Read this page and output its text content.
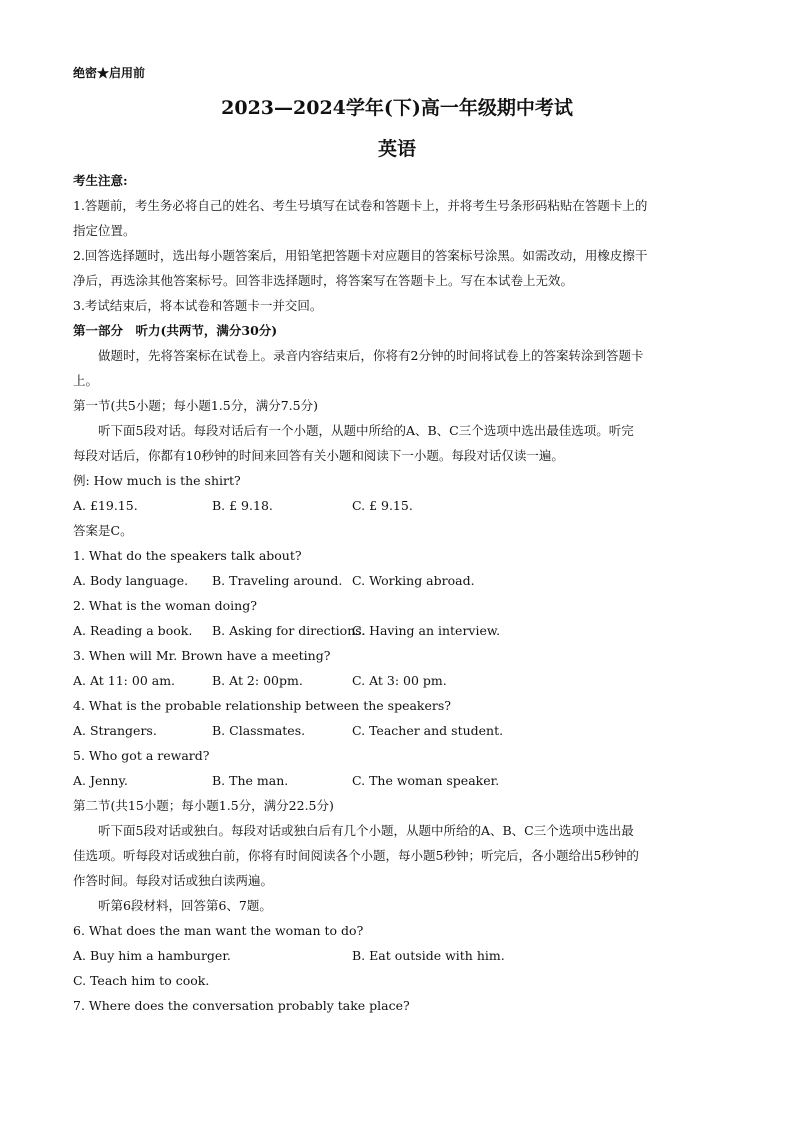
绝密★启用前
2023—2024学年(下)高一年级期中考试
英语
考生注意:
1.答题前，考生务必将自己的姓名、考生号填写在试卷和答题卡上，并将考生号条形码粘贴在答题卡上的
指定位置。
2.回答选择题时，选出每小题答案后，用铅笔把答题卡对应题目的答案标号涂黑。如需改动，用橡皮擦干
净后，再选涂其他答案标号。回答非选择题时，将答案写在答题卡上。写在本试卷上无效。
3.考试结束后，将本试卷和答题卡一并交回。
第一部分　听力(共两节，满分30分)
做题时，先将答案标在试卷上。录音内容结束后，你将有2分钟的时间将试卷上的答案转涂到答题卡
上。
第一节(共5小题；每小题1.5分，满分7.5分)
听下面5段对话。每段对话后有一个小题，从题中所给的A、B、C三个选项中选出最佳选项。听完
每段对话后，你都有10秒钟的时间来回答有关小题和阅读下一小题。每段对话仅读一遍。
例: How much is the shirt?
A. £19.15.	B. £ 9.18.	C. £ 9.15.
答案是C。
1. What do the speakers talk about?
A. Body language. B. Traveling around. C. Working abroad.
2. What is the woman doing?
A. Reading a book. B. Asking for directions.
C. Having an interview.
3. When will Mr. Brown have a meeting?
A. At 11: 00 am.	B. At 2: 00pm.	C. At 3: 00 pm.
4. What is the probable relationship between the speakers?
A. Strangers.	B. Classmates.	C. Teacher and student.
5. Who got a reward?
A. Jenny.	B. The man.	C. The woman speaker.
第二节(共15小题；每小题1.5分，满分22.5分)
听下面5段对话或独白。每段对话或独白后有几个小题，从题中所给的A、B、C三个选项中选出最
佳选项。听每段对话或独白前，你将有时间阅读各个小题，每小题5秒钟；听完后，各小题给出5秒钟的
作答时间。每段对话或独白读两遍。
听第6段材料，回答第6、7题。
6. What does the man want the woman to do?
A. Buy him a hamburger.	B. Eat outside with him.
C. Teach him to cook.
7. Where does the conversation probably take place?
